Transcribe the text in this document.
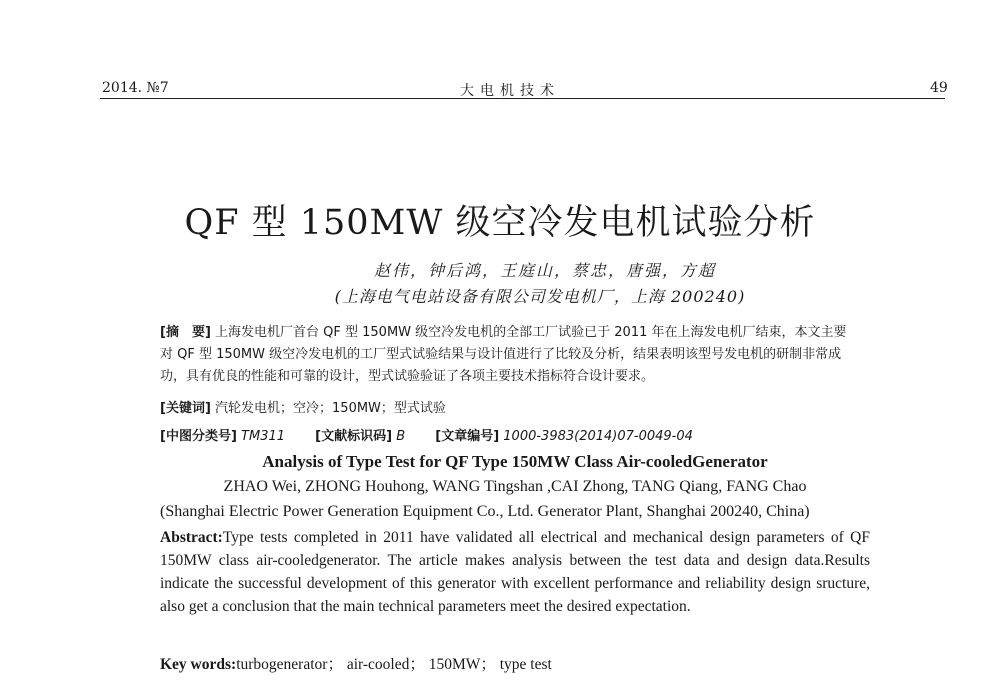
2014. №7	大电机技术	49
QF 型 150MW 级空冷发电机试验分析
赵伟，钟后鸿，王庭山，蔡忠，唐强，方超
(上海电气电站设备有限公司发电机厂，上海 200240)
[摘　要] 上海发电机厂首台 QF 型 150MW 级空冷发电机的全部工厂试验已于 2011 年在上海发电机厂结束，本文主要对 QF 型 150MW 级空冷发电机的工厂型式试验结果与设计值进行了比较及分析，结果表明该型号发电机的研制非常成功，具有优良的性能和可靠的设计，型式试验验证了各项主要技术指标符合设计要求。
[关键词] 汽轮发电机；空冷；150MW；型式试验
[中图分类号] TM311 [文献标识码] B [文章编号] 1000-3983(2014)07-0049-04
Analysis of Type Test for QF Type 150MW Class Air-cooledGenerator
ZHAO Wei, ZHONG Houhong, WANG Tingshan ,CAI Zhong, TANG Qiang, FANG Chao
(Shanghai Electric Power Generation Equipment Co., Ltd. Generator Plant, Shanghai 200240, China)
Abstract:Type tests completed in 2011 have validated all electrical and mechanical design parameters of QF 150MW class air-cooledgenerator. The article makes analysis between the test data and design data.Results indicate the successful development of this generator with excellent performance and reliability design sructure, also get a conclusion that the main technical parameters meet the desired expectation.
Key words:turbogenerator； air-cooled； 150MW； type test
